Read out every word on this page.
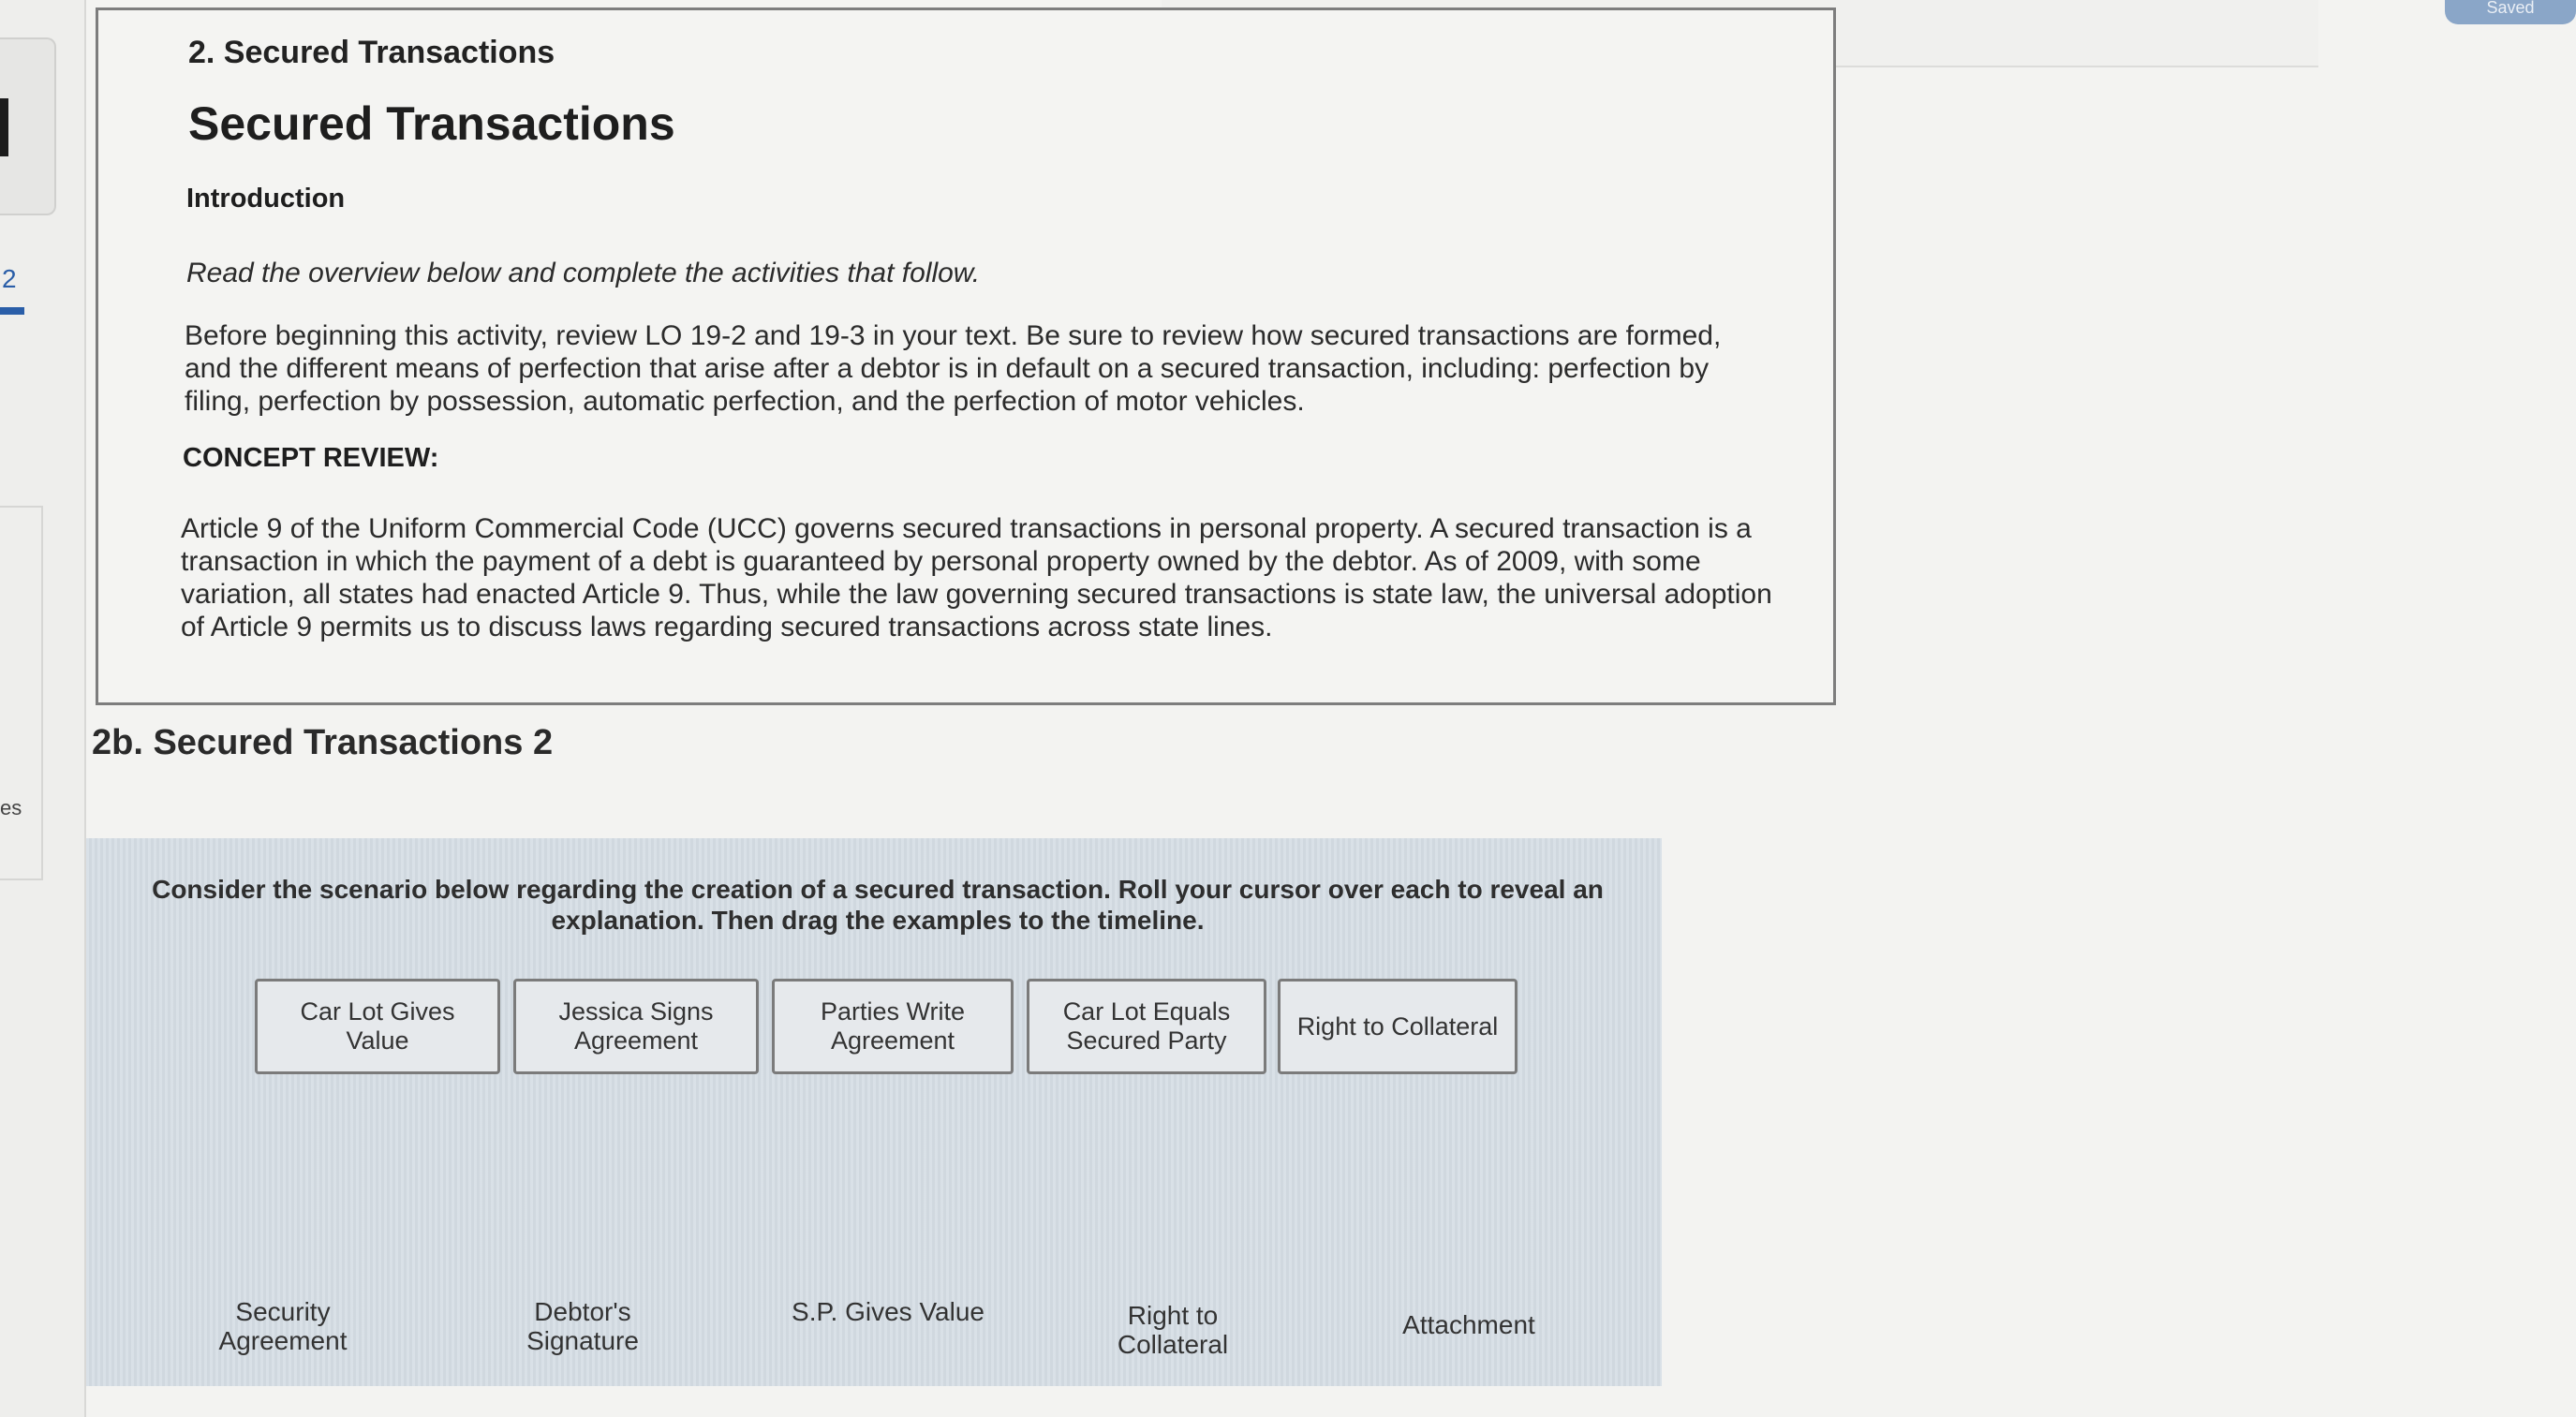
2
es
Saved
2. Secured Transactions
Secured Transactions
Introduction
Read the overview below and complete the activities that follow.
Before beginning this activity, review LO 19-2 and 19-3 in your text. Be sure to review how secured transactions are formed, and the different means of perfection that arise after a debtor is in default on a secured transaction, including: perfection by filing, perfection by possession, automatic perfection, and the perfection of motor vehicles.
CONCEPT REVIEW:
Article 9 of the Uniform Commercial Code (UCC) governs secured transactions in personal property. A secured transaction is a transaction in which the payment of a debt is guaranteed by personal property owned by the debtor. As of 2009, with some variation, all states had enacted Article 9. Thus, while the law governing secured transactions is state law, the universal adoption of Article 9 permits us to discuss laws regarding secured transactions across state lines.
2b. Secured Transactions 2
Consider the scenario below regarding the creation of a secured transaction. Roll your cursor over each to reveal an explanation. Then drag the examples to the timeline.
Car Lot Gives Value
Jessica Signs Agreement
Parties Write Agreement
Car Lot Equals Secured Party
Right to Collateral
Security Agreement
Debtor's Signature
S.P. Gives Value	Right to Collateral
Attachment
